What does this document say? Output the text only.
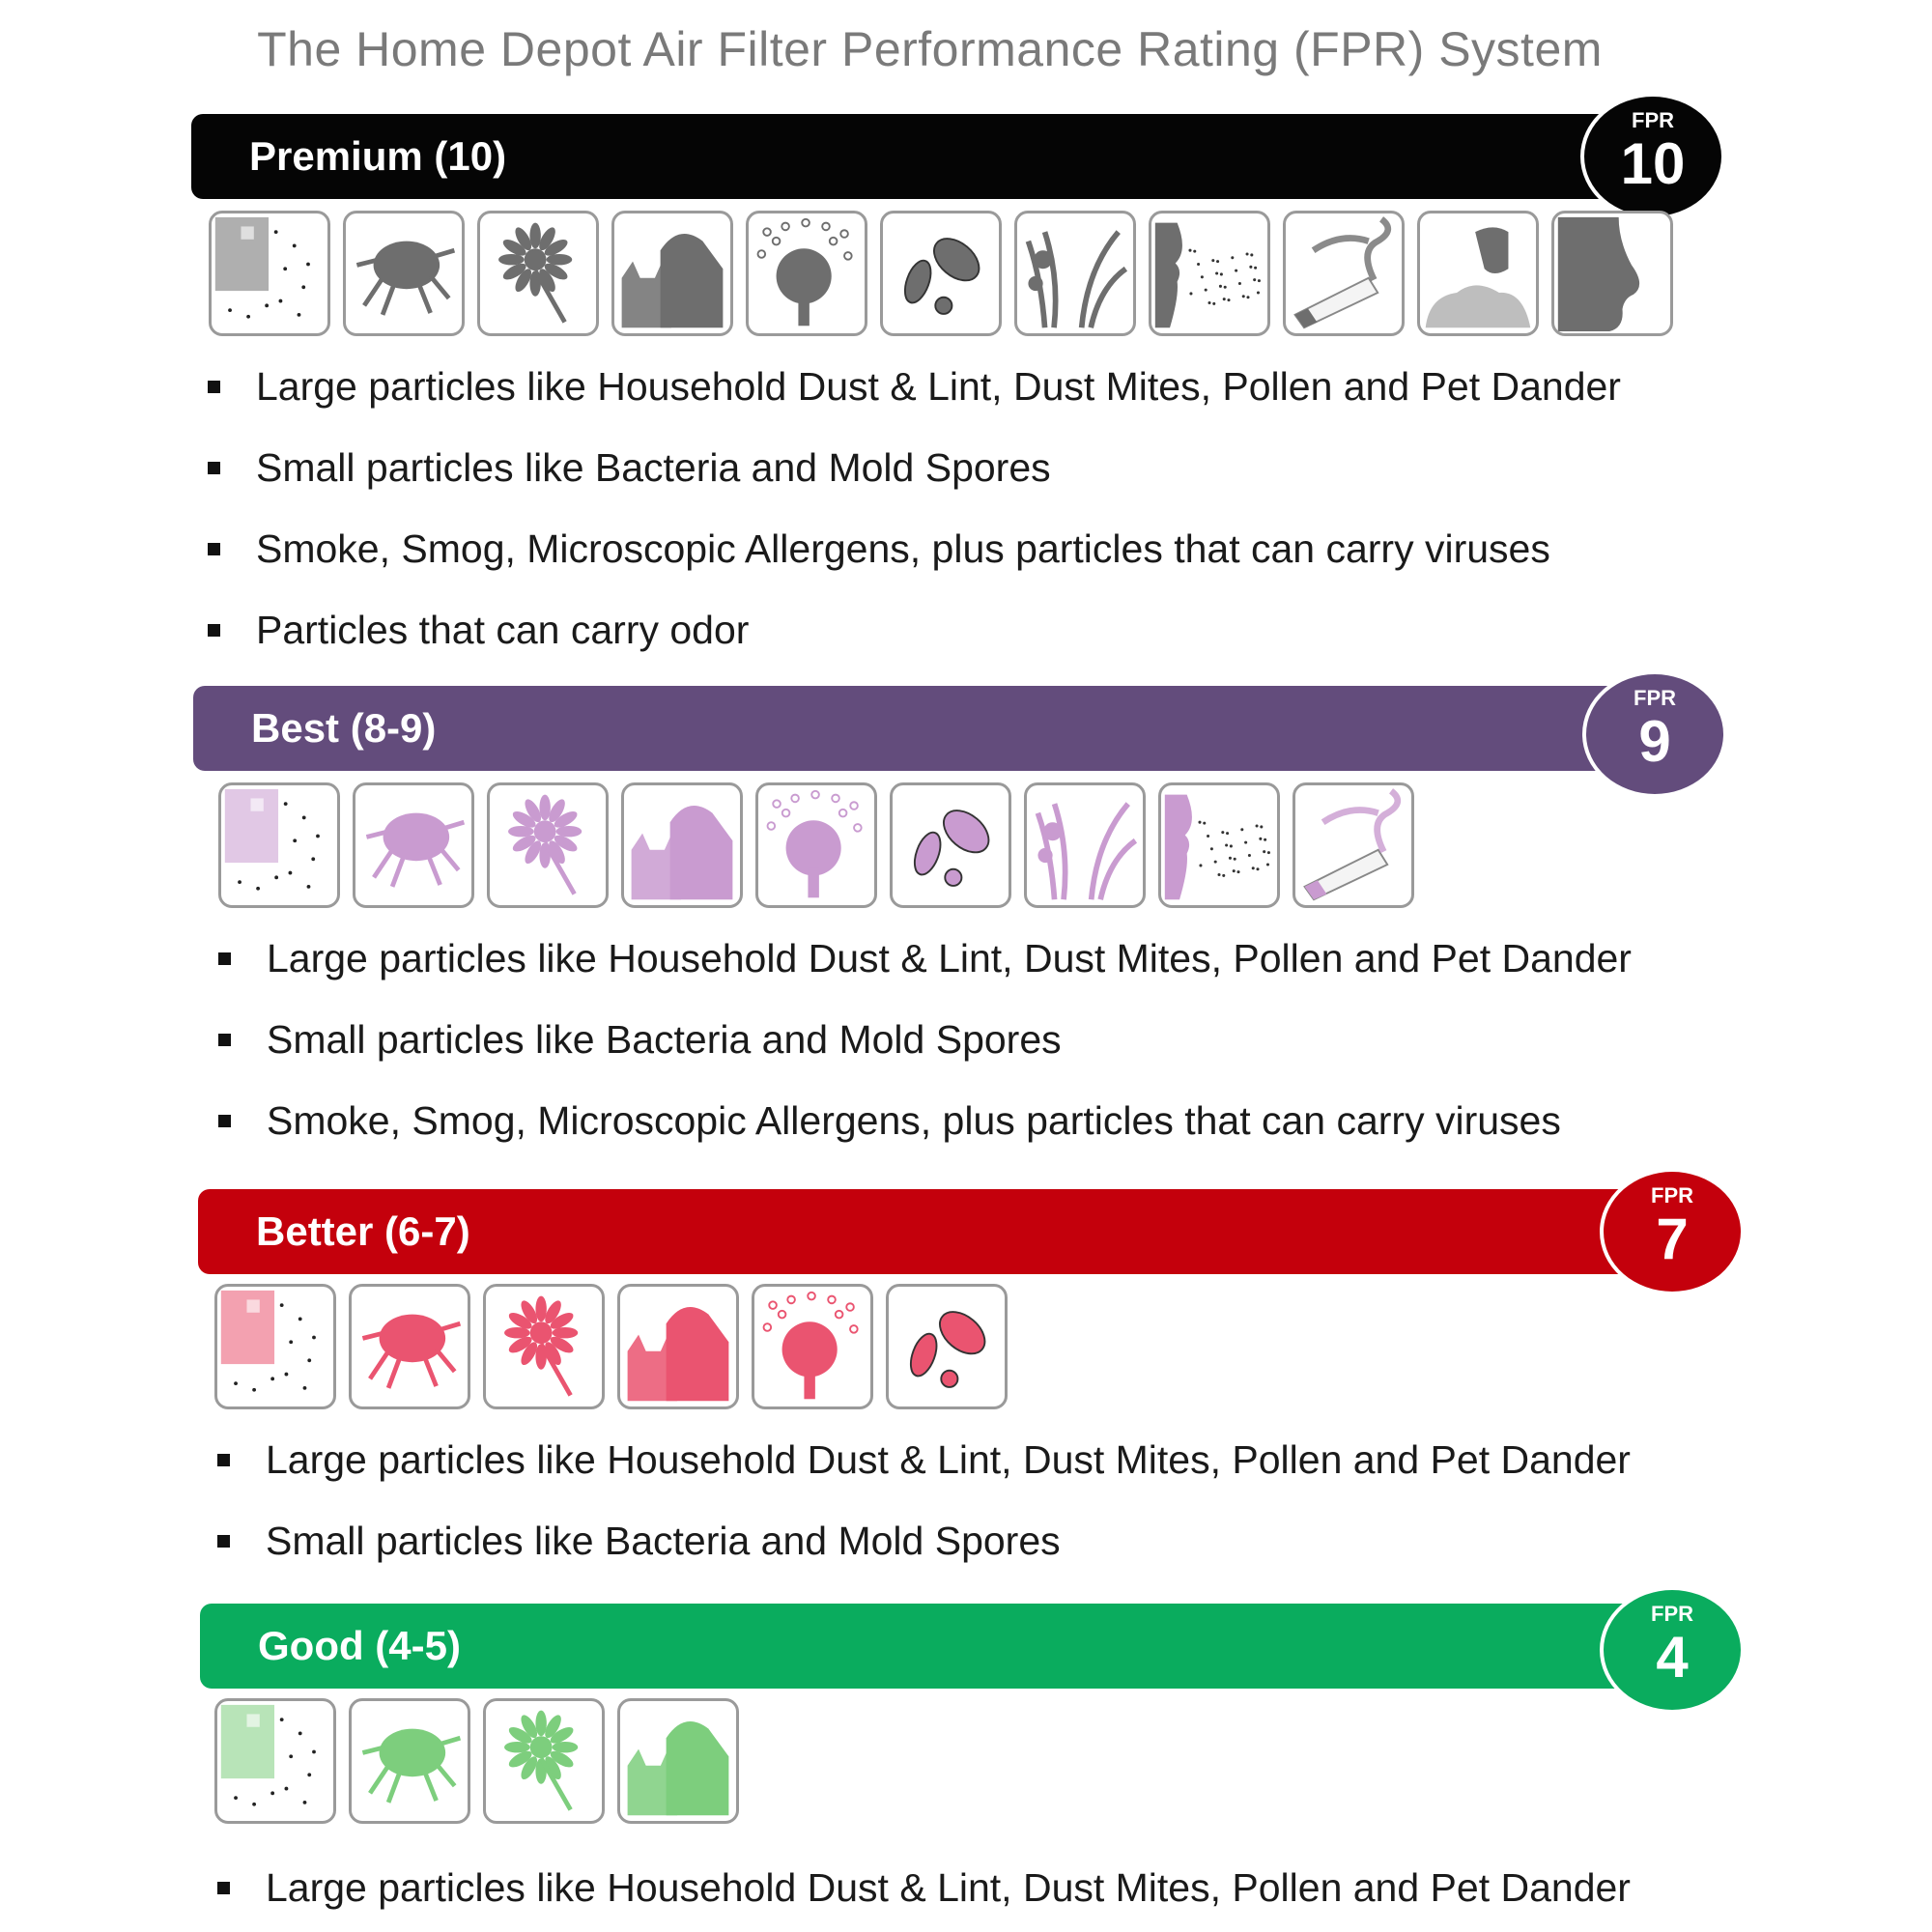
The Home Depot Air Filter Performance Rating (FPR) System
Premium (10)
FPR
10
Large particles like Household Dust & Lint, Dust Mites, Pollen and Pet Dander
Small particles like Bacteria and Mold Spores
Smoke, Smog, Microscopic Allergens, plus particles that can carry viruses
Particles that can carry odor
Best (8-9)
FPR
9
Large particles like Household Dust & Lint, Dust Mites, Pollen and Pet Dander
Small particles like Bacteria and Mold Spores
Smoke, Smog, Microscopic Allergens, plus particles that can carry viruses
Better (6-7)
FPR
7
Large particles like Household Dust & Lint, Dust Mites, Pollen and Pet Dander
Small particles like Bacteria and Mold Spores
Good (4-5)
FPR
4
Large particles like Household Dust & Lint, Dust Mites, Pollen and Pet Dander
